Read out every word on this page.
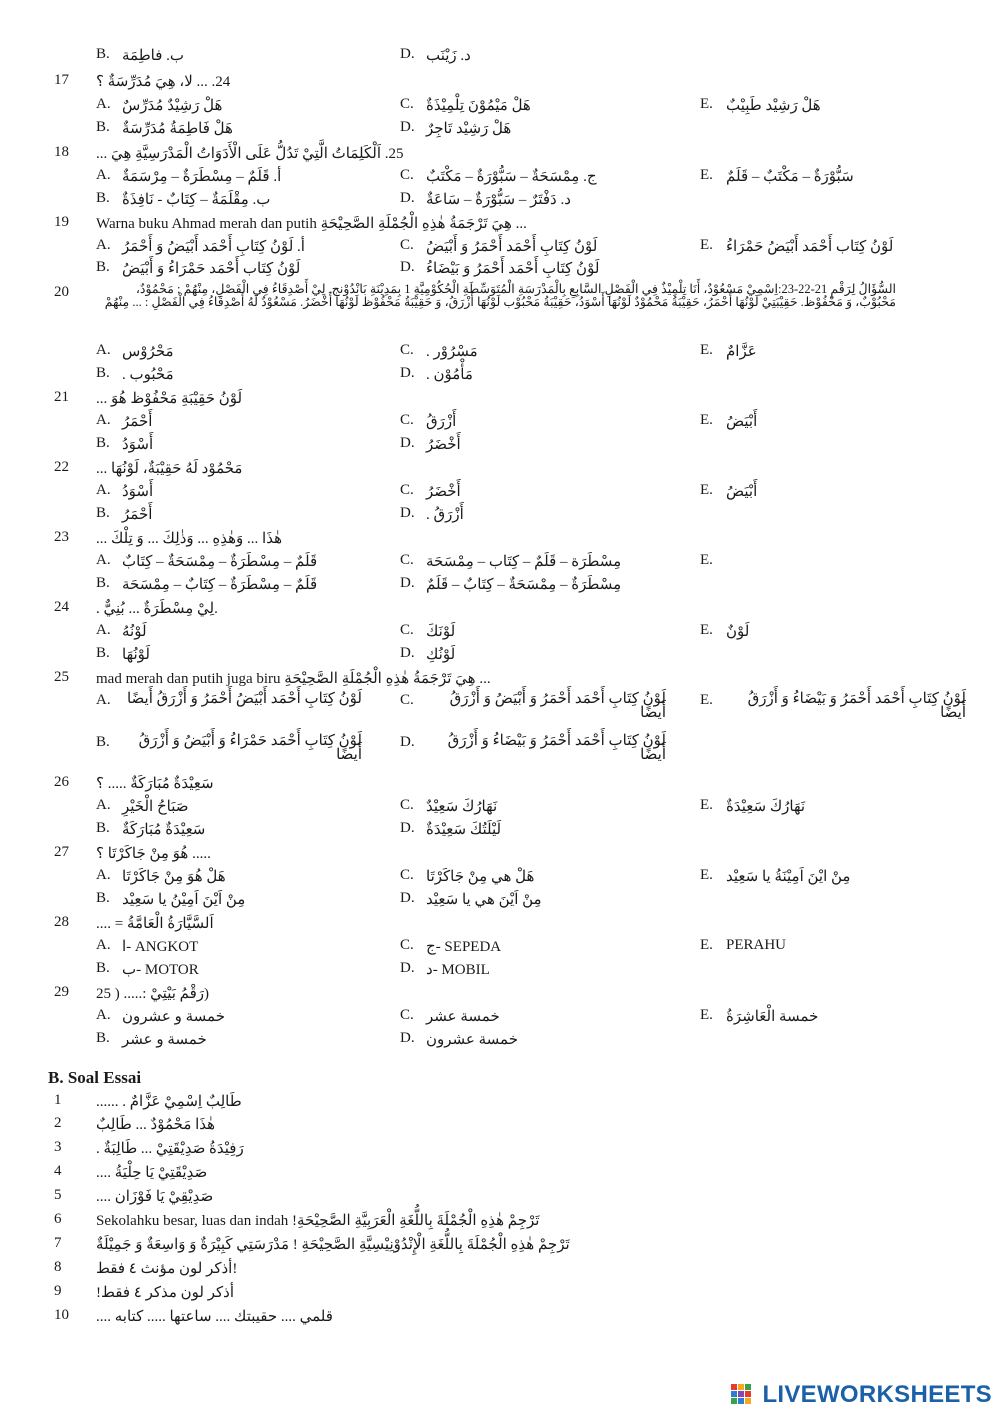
B. ب. فاطِمَة	D. د. زَيْنَب
17	24. ... لا، هِيَ مُدَرِّسَةٌ ؟
A. هَلْ رَشِيْدٌ مُدَرِّسٌ	C. هَلْ مَيْمُوْنَ تِلْمِيْذَةٌ	E. هَلْ رَشِيْد طَبِيْبٌ
B. هَلْ فَاطِمَةُ مُدَرِّسَةٌ	D. هَلْ رَشِيْد تَاجِرٌ
18	25. اَلْكَلِمَاتُ الَّتِيْ تَدُلُّ عَلَى الْأَدَوَاتُ الْمَدْرَسِيَّةِ هِيَ ...
A. أ. قَلَمٌ – مِسْطَرَةٌ – مِرْسَمَةٌ	C. ج. مِمْسَحَةٌ – سَبُّوْرَةٌ – مَكْتَبٌ	E. سَبُّوْرَةٌ – مَكْتَبٌ – قَلَمٌ
B. ب. مِقْلَمَةٌ – كِتَابٌ - نَافِذَةٌ	D. د. دَفْتَرٌ – سَبُّوْرَةٌ – سَاعَةٌ
19	Warna buku Ahmad merah dan putih هِيَ تَرْجَمَةُ هٰذِهِ الْجُمْلَةِ الصَّحِيْحَةِ ...
A. أ. لَوْنُ كِتَابِ أَحْمَد أَبْيَضُ وَ أَحْمَرُ	C. لَوْنُ كِتَابِ أَحْمَد أَحْمَرُ وَ أَبْيَضُ	E. لَوْنُ كِتَاب أَحْمَد أَبْيَضُ حَمْرَاءُ
B. لَوْنُ كِتَاب أَحْمَد حَمْرَاءُ وَ أَبْيَضُ	D. لَوْنُ كِتَابِ أَحْمَد أَحْمَرُ وَ بَيْضَاءُ
20	السُّؤَالُ لِرَقْمِ 21-22-23:اِسْمِيْ مَسْعُوْدٌ، أَنَا تِلْمِيْذٌ فِي الْفَصْلِ السَّابِعِ بِالْمَدْرَسَةِ الْمُتَوَسِّطَةِ الْحُكُوْمِيَّةِ 1 بِمَدِيْنَةِ بَانْدُوْنج. لِيْ أَصْدِقَاءُ فِي الْفَصْلِ، مِنْهُمْ : مَحْمُوْدٌ، مَحْبُوْبٌ، وَ مَحْفُوْظ. حَقِيْبَتِيْ لَوْنُهَا أَحْمَرُ، حَقِيْبَةُ مَحْمُوْدٌ لَوْنُهَا أَسْوَدُ، حَقِيْبَةُ مَحْبُوْب لَوْنُهَا أَزْرَقُ، وَ حَقِيْبَةُ مَحْفُوْظ لَوْنُهَا أَخْضَرُ. مَسْعُوْدٌ لَهُ أَصْدِقَاءُ فِي الْفَصْلِ : ... مِنْهُمْ
A. مَحْرُوْس	C. مَسْرُوْر .	E. عَزَّامٌ
B. مَحْبُوب .	D. مَأْمُوْن .
21	لَوْنُ حَقِيْبَةِ مَحْفُوْظ هُوَ ...
A. أَحْمَرُ	C. أَزْرَقُ	E. أَبْيَضُ
B. أَسْوَدُ	D. أَخْضَرُ
22	مَحْمُوْد لَهُ حَقِيْبَةٌ، لَوْنُهَا ...
A. أَسْوَدُ	C. أَخْضَرُ	E. أَبْيَضُ
B. أَحْمَرُ	D. أَزْرَقُ .
23	هٰذَا ... وَهٰذِهِ ... وَذٰلِكَ ... وَ تِلْكَ ...
A. قَلَمٌ – مِسْطَرَةٌ – مِمْسَحَةٌ – كِتَابٌ	C. مِسْطَرَة – قَلَمٌ – كِتَاب – مِمْسَحَة	E.
B. قَلَمٌ – مِسْطَرَةٌ – كِتَابٌ – مِمْسَحَة	D. مِسْطَرَةٌ – مِمْسَحَةٌ – كِتَابٌ – قَلَمٌ
24	.لِيْ مِسْطَرَةٌ ... بُنِيٌّ .
A. لَوْنُهُ	C. لَوْنَكَ	E. لَوْنٌ
B. لَوْنُهَا	D. لَوْنُكِ
25	mad merah dan putih juga biru هِيَ تَرْجَمَةُ هٰذِهِ الْجُمْلَةِ الصَّحِيْحَةِ ...
A.	لَوْنُ كِتَابِ أَحْمَد أَبْيَضُ أَحْمَرُ وَ أَزْرَقُ أَيضًا	C.	لَوْنُ كِتَابِ أَحْمَد أَحْمَرُ وَ أَبْيَضُ وَ أَزْرَقُ أَيضًا
E.	لَوْنُ كِتَابِ أَحْمَد أَحْمَرُ وَ بَيْضَاءُ وَ أَزْرَقُ أَيضًا
B.	لَوْنُ كِتَابِ أَحْمَد حَمْرَاءُ وَ أَبْيَضُ وَ أَزْرَقُ أَيضًا
D.	لَوْنُ كِتَابِ أَحْمَد أَحْمَرُ وَ بَيْضَاءُ وَ أَزْرَقُ أَيضًا
26	سَعِيْدَةٌ مُبَارَكَةٌ ..... ؟
A. صَبَاحُ الْخَيْرِ	C. نَهَارُكَ سَعِيْدٌ	E. نَهَارُكَ سَعِيْدَةٌ
B. سَعِيْدَةٌ مُبَارَكَةٌ	D. لَيْلَتُكَ سَعِيْدَةٌ
27	..... هُوَ مِنْ جَاكَرْتَا ؟
A. هَلْ هُوَ مِنْ جَاكَرْتَا	C. هَلْ هي مِنْ جَاكَرْتَا	E. مِنْ ايْنَ اَمِيْنَةُ يا سَعِيْد
B. مِنْ اَيْنَ اَمِيْنُ يا سَعِيْد	D. مِنْ اَيْنَ هي يا سَعِيْد
28	اَلسَّيَّارَةُ الْعَامَّةُ = ....
A. ا- ANGKOT	C. ج- SEPEDA	E. PERAHU
B. ب- MOTOR	D. د- MOBIL
29	(رَقْمُ بَيْتِيْ :..... ( 25
A. خمسة و عشرون	C. خمسة عشر	E. خمسة الْعَاشِرَةُ
B. خمسة و عشر	D. خمسة عشرون
B. Soal Essai
1	طَالِبٌ اِسْمِيْ عَزَّامٌ . ......
2	هٰذَا مَحْمُوْدٌ ... طَالِبٌ
3	رَفِيْدَةُ صَدِيْقَتِيْ ... طَالِبَةٌ .
4	صَدِيْقَتِيْ يَا حِلْيَةُ ....
5	صَدِيْقِيْ يَا فَوْزَان ....
6	Sekolahku besar, luas dan indah !تَرْجِمْ هٰذِهِ الْجُمْلَةَ بِاللُّغَةِ الْعَرَبِيَّةِ الصَّحِيْحَةِ
7	تَرْجِمْ هٰذِهِ الْجُمْلَةَ بِاللُّغَةِ الْإِنْدُوْنِيْسِيَّةِ الصَّحِيْحَةِ ! مَدْرَسَتِي كَبِيْرَةٌ وَ وَاسِعَةٌ وَ جَمِيْلَةٌ
8	!أذكر لون مؤنث ٤ فقط
9	أذكر لون مذكر ٤ فقط!
10	قلمي .... حقيبتك .... ساعتها ..... كتابه ....
LIVEWORKSHEETS
